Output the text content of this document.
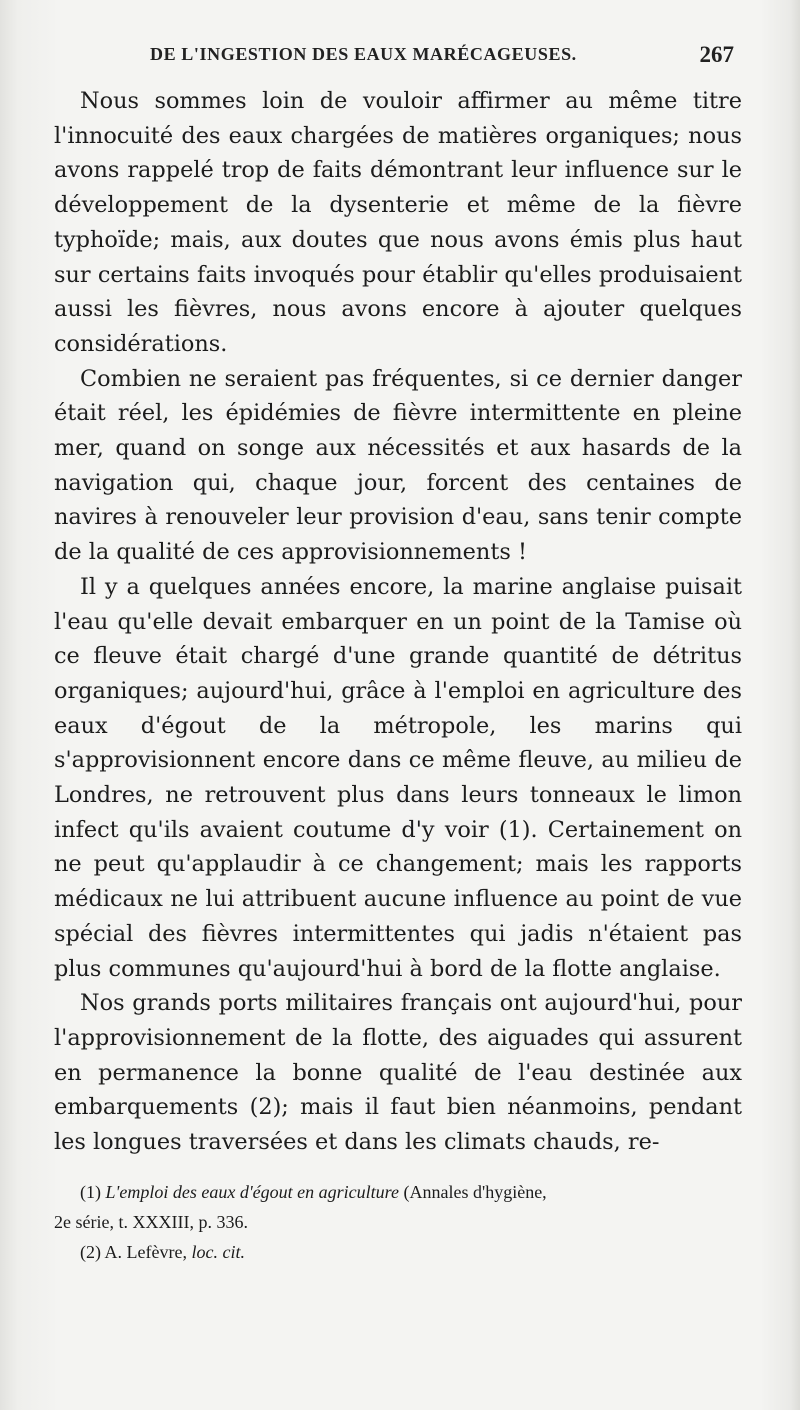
DE L'INGESTION DES EAUX MARÉCAGEUSES.	267

Nous sommes loin de vouloir affirmer au même titre l'innocuité des eaux chargées de matières organiques; nous avons rappelé trop de faits démontrant leur influence sur le développement de la dysenterie et même de la fièvre typhoïde; mais, aux doutes que nous avons émis plus haut sur certains faits invoqués pour établir qu'elles produisaient aussi les fièvres, nous avons encore à ajouter quelques considérations.

Combien ne seraient pas fréquentes, si ce dernier danger était réel, les épidémies de fièvre intermittente en pleine mer, quand on songe aux nécessités et aux hasards de la navigation qui, chaque jour, forcent des centaines de navires à renouveler leur provision d'eau, sans tenir compte de la qualité de ces approvisionnements !

Il y a quelques années encore, la marine anglaise puisait l'eau qu'elle devait embarquer en un point de la Tamise où ce fleuve était chargé d'une grande quantité de détritus organiques; aujourd'hui, grâce à l'emploi en agriculture des eaux d'égout de la métropole, les marins qui s'approvisionnent encore dans ce même fleuve, au milieu de Londres, ne retrouvent plus dans leurs tonneaux le limon infect qu'ils avaient coutume d'y voir (1). Certainement on ne peut qu'applaudir à ce changement; mais les rapports médicaux ne lui attribuent aucune influence au point de vue spécial des fièvres intermittentes qui jadis n'étaient pas plus communes qu'aujourd'hui à bord de la flotte anglaise.

Nos grands ports militaires français ont aujourd'hui, pour l'approvisionnement de la flotte, des aiguades qui assurent en permanence la bonne qualité de l'eau destinée aux embarquements (2); mais il faut bien néanmoins, pendant les longues traversées et dans les climats chauds, re-

(1) L'emploi des eaux d'égout en agriculture (Annales d'hygiène,
2e série, t. XXXIII, p. 336.

(2) A. Lefèvre, loc. cit.
